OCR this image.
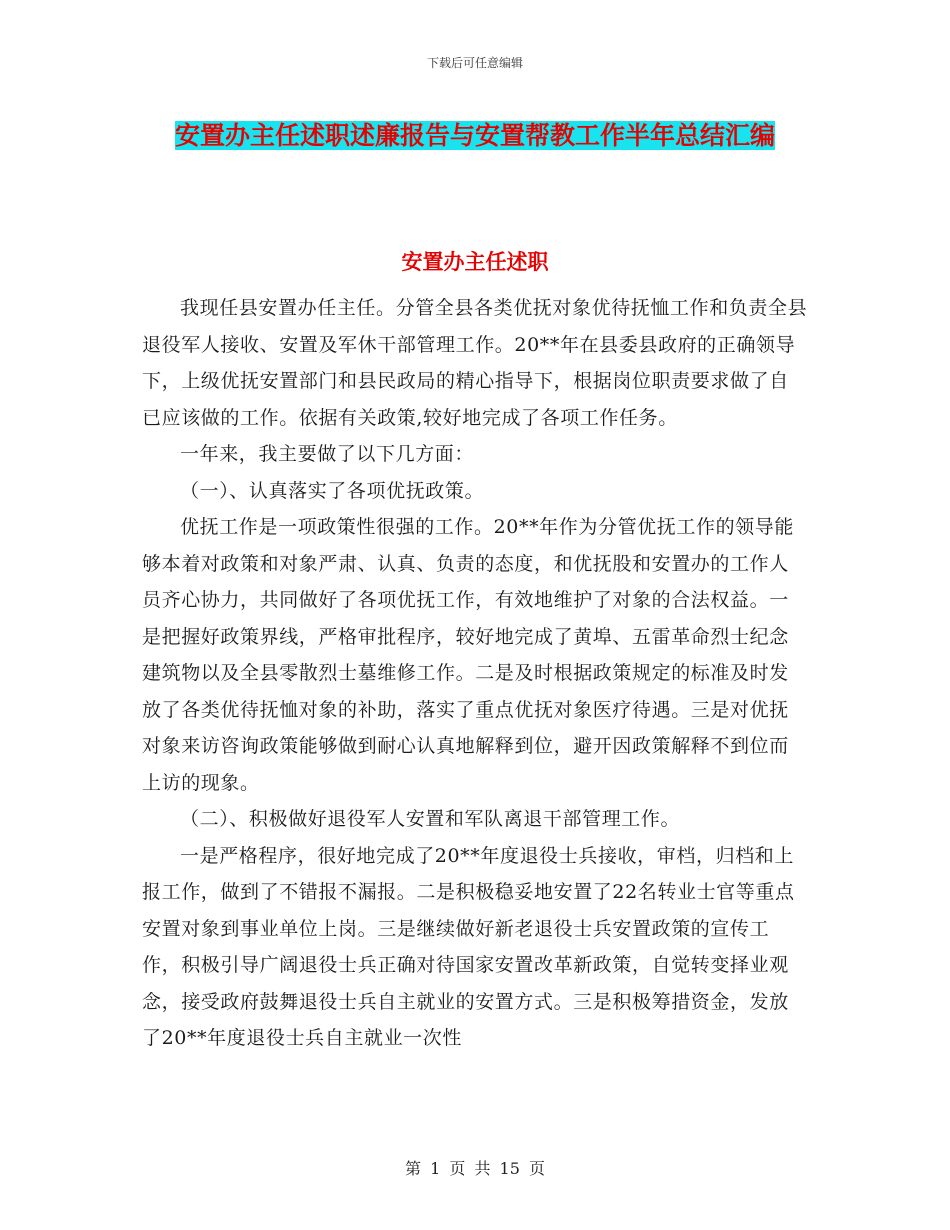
下载后可任意编辑
安置办主任述职述廉报告与安置帮教工作半年总结汇编
安置办主任述职

我现任县安置办任主任。分管全县各类优抚对象优待抚恤工作和负责全县退役军人接收、安置及军休干部管理工作。20**年在县委县政府的正确领导下，上级优抚安置部门和县民政局的精心指导下，根据岗位职责要求做了自已应该做的工作。依据有关政策,较好地完成了各项工作任务。

一年来，我主要做了以下几方面：

（一）、认真落实了各项优抚政策。

优抚工作是一项政策性很强的工作。20**年作为分管优抚工作的领导能够本着对政策和对象严肃、认真、负责的态度，和优抚股和安置办的工作人员齐心协力，共同做好了各项优抚工作，有效地维护了对象的合法权益。一是把握好政策界线，严格审批程序，较好地完成了黄埠、五雷革命烈士纪念建筑物以及全县零散烈士墓维修工作。二是及时根据政策规定的标准及时发放了各类优待抚恤对象的补助，落实了重点优抚对象医疗待遇。三是对优抚对象来访咨询政策能够做到耐心认真地解释到位，避开因政策解释不到位而上访的现象。

（二）、积极做好退役军人安置和军队离退干部管理工作。

一是严格程序，很好地完成了20**年度退役士兵接收，审档，归档和上报工作，做到了不错报不漏报。二是积极稳妥地安置了22名转业士官等重点安置对象到事业单位上岗。三是继续做好新老退役士兵安置政策的宣传工作，积极引导广阔退役士兵正确对待国家安置改革新政策，自觉转变择业观念，接受政府鼓舞退役士兵自主就业的安置方式。三是积极筹措资金，发放了20**年度退役士兵自主就业一次性

第 1 页 共 15 页
